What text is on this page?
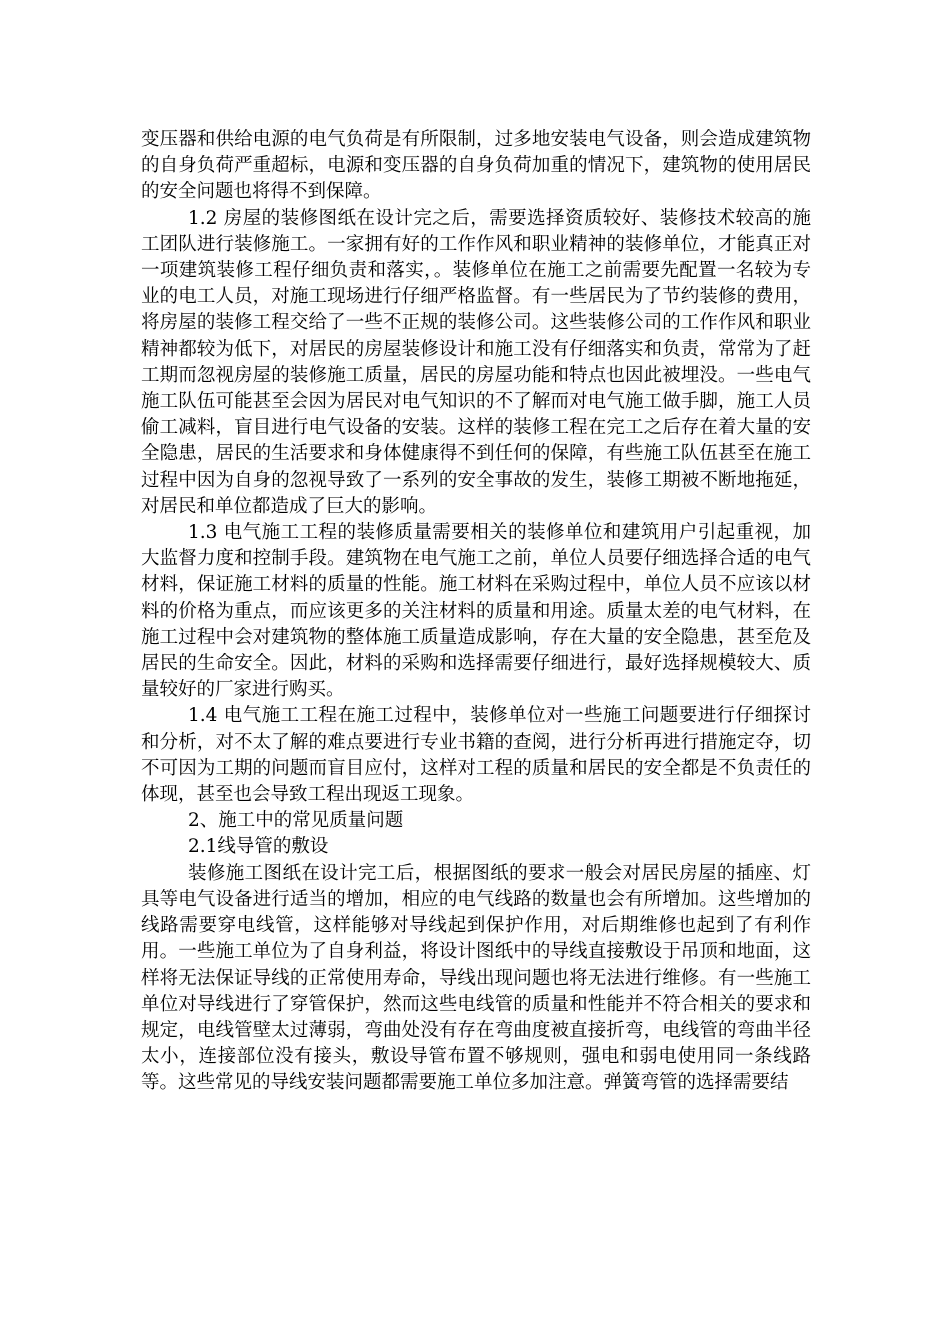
变压器和供给电源的电气负荷是有所限制，过多地安装电气设备，则会造成建筑物的自身负荷严重超标，电源和变压器的自身负荷加重的情况下，建筑物的使用居民的安全问题也将得不到保障。

1.2 房屋的装修图纸在设计完之后，需要选择资质较好、装修技术较高的施工团队进行装修施工。一家拥有好的工作作风和职业精神的装修单位，才能真正对一项建筑装修工程仔细负责和落实，。装修单位在施工之前需要先配置一名较为专业的电工人员，对施工现场进行仔细严格监督。有一些居民为了节约装修的费用，将房屋的装修工程交给了一些不正规的装修公司。这些装修公司的工作作风和职业精神都较为低下，对居民的房屋装修设计和施工没有仔细落实和负责，常常为了赶工期而忽视房屋的装修施工质量，居民的房屋功能和特点也因此被埋没。一些电气施工队伍可能甚至会因为居民对电气知识的不了解而对电气施工做手脚，施工人员偷工减料，盲目进行电气设备的安装。这样的装修工程在完工之后存在着大量的安全隐患，居民的生活要求和身体健康得不到任何的保障，有些施工队伍甚至在施工过程中因为自身的忽视导致了一系列的安全事故的发生，装修工期被不断地拖延，对居民和单位都造成了巨大的影响。

1.3 电气施工工程的装修质量需要相关的装修单位和建筑用户引起重视，加大监督力度和控制手段。建筑物在电气施工之前，单位人员要仔细选择合适的电气材料，保证施工材料的质量的性能。施工材料在采购过程中，单位人员不应该以材料的价格为重点，而应该更多的关注材料的质量和用途。质量太差的电气材料，在施工过程中会对建筑物的整体施工质量造成影响，存在大量的安全隐患，甚至危及居民的生命安全。因此，材料的采购和选择需要仔细进行，最好选择规模较大、质量较好的厂家进行购买。

1.4 电气施工工程在施工过程中，装修单位对一些施工问题要进行仔细探讨和分析，对不太了解的难点要进行专业书籍的查阅，进行分析再进行措施定夺，切不可因为工期的问题而盲目应付，这样对工程的质量和居民的安全都是不负责任的体现，甚至也会导致工程出现返工现象。

2、施工中的常见质量问题

2.1线导管的敷设

装修施工图纸在设计完工后，根据图纸的要求一般会对居民房屋的插座、灯具等电气设备进行适当的增加，相应的电气线路的数量也会有所增加。这些增加的线路需要穿电线管，这样能够对导线起到保护作用，对后期维修也起到了有利作用。一些施工单位为了自身利益，将设计图纸中的导线直接敷设于吊顶和地面，这样将无法保证导线的正常使用寿命，导线出现问题也将无法进行维修。有一些施工单位对导线进行了穿管保护，然而这些电线管的质量和性能并不符合相关的要求和规定，电线管壁太过薄弱，弯曲处没有存在弯曲度被直接折弯，电线管的弯曲半径太小，连接部位没有接头，敷设导管布置不够规则，强电和弱电使用同一条线路等。这些常见的导线安装问题都需要施工单位多加注意。弹簧弯管的选择需要结
